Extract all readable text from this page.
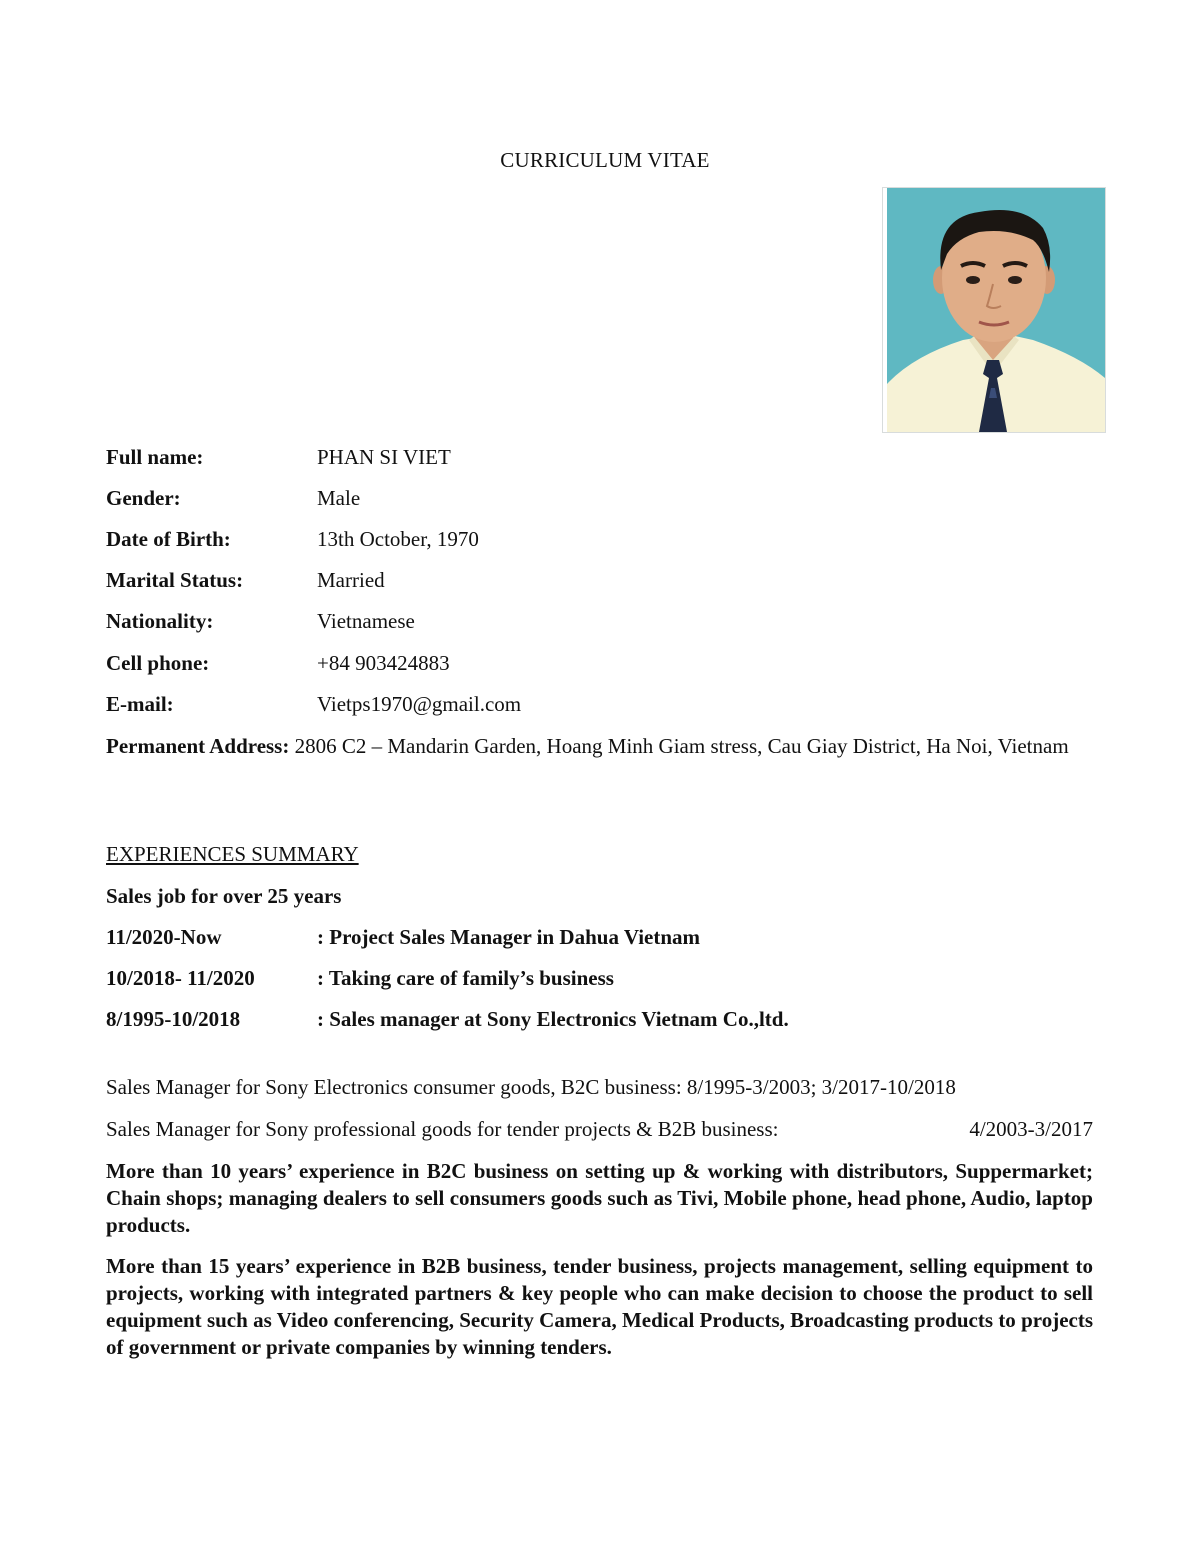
CURRICULUM VITAE
Full name:	PHAN SI VIET
Gender:	Male
Date of Birth:	13th October, 1970
Marital Status:	Married
Nationality:	Vietnamese
Cell phone:	+84 903424883
E-mail:	Vietps1970@gmail.com
Permanent Address: 2806 C2 – Mandarin Garden, Hoang Minh Giam stress, Cau Giay District, Ha Noi, Vietnam
EXPERIENCES SUMMARY
Sales job for over 25 years
11/2020-Now	: Project Sales Manager in Dahua Vietnam
10/2018- 11/2020	: Taking care of family’s business
8/1995-10/2018	: Sales manager at Sony Electronics Vietnam Co.,ltd.
Sales Manager for Sony Electronics consumer goods, B2C business: 8/1995-3/2003; 3/2017-10/2018
Sales Manager for Sony professional goods for tender projects & B2B business:	4/2003-3/2017
More than 10 years’ experience in B2C business on setting up & working with distributors, Suppermarket; Chain shops; managing dealers to sell consumers goods such as Tivi, Mobile phone, head phone, Audio, laptop products.
More than 15 years’ experience in B2B business, tender business, projects management, selling equipment to projects, working with integrated partners & key people who can make decision to choose the product to sell equipment such as Video conferencing, Security Camera, Medical Products, Broadcasting products to projects of government or private companies by winning tenders.
